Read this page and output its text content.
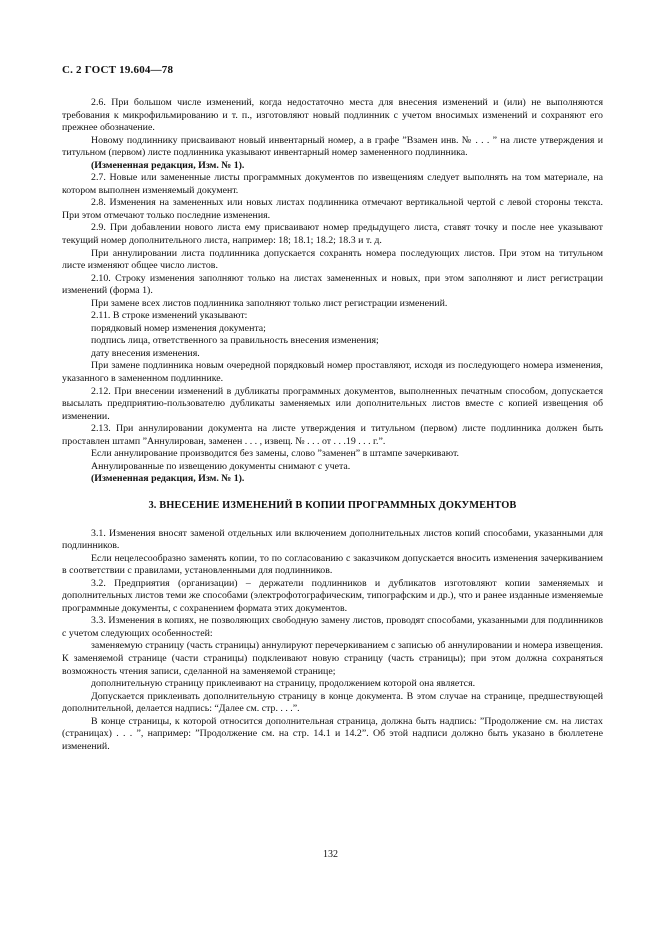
С. 2 ГОСТ 19.604—78

2.6. При большом числе изменений, когда недостаточно места для внесения изменений и (или) не выполняются требования к микрофильмированию и т. п., изготовляют новый подлинник с учетом вносимых изменений и сохраняют его прежнее обозначение.

Новому подлиннику присваивают новый инвентарный номер, а в графе ”Взамен инв. № . . . ” на листе утверждения и титульном (первом) листе подлинника указывают инвентарный номер замененного подлинника.

(Измененная редакция, Изм. № 1).

2.7. Новые или замененные листы программных документов по извещениям следует выполнять на том материале, на котором выполнен изменяемый документ.

2.8. Изменения на замененных или новых листах подлинника отмечают вертикальной чертой с левой стороны текста. При этом отмечают только последние изменения.

2.9. При добавлении нового листа ему присваивают номер предыдущего листа, ставят точку и после нее указывают текущий номер дополнительного листа, например: 18; 18.1; 18.2; 18.3 и т. д.

При аннулировании листа подлинника допускается сохранять номера последующих листов. При этом на титульном листе изменяют общее число листов.

2.10. Строку изменения заполняют только на листах замененных и новых, при этом заполняют и лист регистрации изменений (форма 1).

При замене всех листов подлинника заполняют только лист регистрации изменений.

2.11. В строке изменений указывают:

порядковый номер изменения документа;

подпись лица, ответственного за правильность внесения изменения;

дату внесения изменения.

При замене подлинника новым очередной порядковый номер проставляют, исходя из последующего номера изменения, указанного в замененном подлиннике.

2.12. При внесении изменений в дубликаты программных документов, выполненных печатным способом, допускается высылать предприятию-пользователю дубликаты заменяемых или дополнительных листов вместе с копией извещения об изменении.

2.13. При аннулировании документа на листе утверждения и титульном (первом) листе подлинника должен быть проставлен штамп ”Аннулирован, заменен . . . , извещ. № . . . от . . .19 . . . г.”.

Если аннулирование производится без замены, слово ”заменен” в штампе зачеркивают.

Аннулированные по извещению документы снимают с учета.

(Измененная редакция, Изм. № 1).

3. ВНЕСЕНИЕ ИЗМЕНЕНИЙ В КОПИИ ПРОГРАММНЫХ ДОКУМЕНТОВ

3.1. Изменения вносят заменой отдельных или включением дополнительных листов копий способами, указанными для подлинников.

Если нецелесообразно заменять копии, то по согласованию с заказчиком допускается вносить изменения зачеркиванием в соответствии с правилами, установленными для подлинников.

3.2. Предприятия (организации) – держатели подлинников и дубликатов изготовляют копии заменяемых и дополнительных листов теми же способами (электрофотографическим, типографским и др.), что и ранее изданные изменяемые программные документы, с сохранением формата этих документов.

3.3. Изменения в копиях, не позволяющих свободную замену листов, проводят способами, указанными для подлинников с учетом следующих особенностей:

заменяемую страницу (часть страницы) аннулируют перечеркиванием с записью об аннулировании и номера извещения. К заменяемой странице (части страницы) подклеивают новую страницу (часть страницы); при этом должна сохраняться возможность чтения записи, сделанной на заменяемой странице;

дополнительную страницу приклеивают на страницу, продолжением которой она является.

Допускается приклеивать дополнительную страницу в конце документа. В этом случае на странице, предшествующей дополнительной, делается надпись: “Далее см. стр. . . .”.

В конце страницы, к которой относится дополнительная страница, должна быть надпись: ”Продолжение см. на листах (страницах) . . . ”, например: ”Продолжение см. на стр. 14.1 и 14.2”. Об этой надписи должно быть указано в бюллетене изменений.

132
